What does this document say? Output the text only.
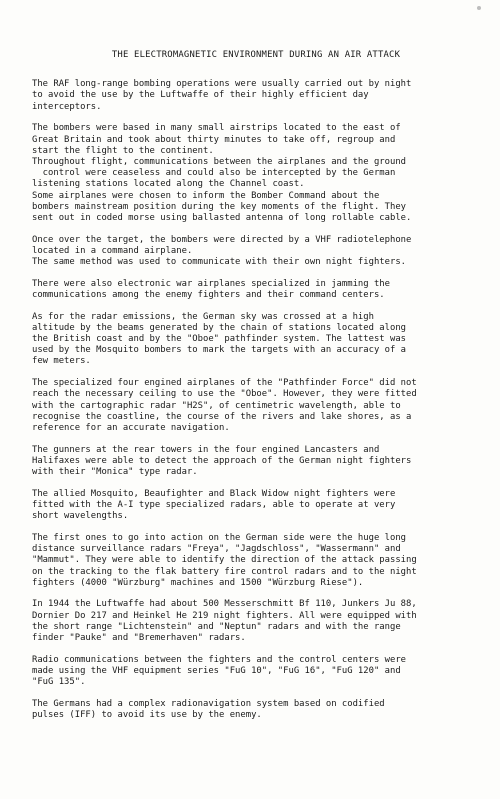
THE ELECTROMAGNETIC ENVIRONMENT DURING AN AIR ATTACK
The RAF long-range bombing operations were usually carried out by night
to avoid the use by the Luftwaffe of their highly efficient day
interceptors.
The bombers were based in many small airstrips located to the east of
Great Britain and took about thirty minutes to take off, regroup and
start the flight to the continent.
Throughout flight, communications between the airplanes and the ground
control were ceaseless and could also be intercepted by the German
listening stations located along the Channel coast.
Some airplanes were chosen to inform the Bomber Command about the
bombers mainstream position during the key moments of the flight. They
sent out in coded morse using ballasted antenna of long rollable cable.
Once over the target, the bombers were directed by a VHF radiotelephone
located in a command airplane.
The same method was used to communicate with their own night fighters.
There were also electronic war airplanes specialized in jamming the
communications among the enemy fighters and their command centers.
As for the radar emissions, the German sky was crossed at a high
altitude by the beams generated by the chain of stations located along
the British coast and by the "Oboe" pathfinder system. The lattest was
used by the Mosquito bombers to mark the targets with an accuracy of a
few meters.
The specialized four engined airplanes of the "Pathfinder Force" did not
reach the necessary ceiling to use the "Oboe". However, they were fitted
with the cartographic radar "H2S", of centimetric wavelength, able to
recognise the coastline, the course of the rivers and lake shores, as a
reference for an accurate navigation.
The gunners at the rear towers in the four engined Lancasters and
Halifaxes were able to detect the approach of the German night fighters
with their "Monica" type radar.
The allied Mosquito, Beaufighter and Black Widow night fighters were
fitted with the A-I type specialized radars, able to operate at very
short wavelengths.
The first ones to go into action on the German side were the huge long
distance surveillance radars "Freya", "Jagdschloss", "Wassermann" and
"Mammut". They were able to identify the direction of the attack passing
on the tracking to the flak battery fire control radars and to the night
fighters (4000 "Würzburg" machines and 1500 "Würzburg Riese").
In 1944 the Luftwaffe had about 500 Messerschmitt Bf 110, Junkers Ju 88,
Dornier Do 217 and Heinkel He 219 night fighters. All were equipped with
the short range "Lichtenstein" and "Neptun" radars and with the range
finder "Pauke" and "Bremerhaven" radars.
Radio communications between the fighters and the control centers were
made using the VHF equipment series "FuG 10", "FuG 16", "FuG 120" and
"FuG 135".
The Germans had a complex radionavigation system based on codified
pulses (IFF) to avoid its use by the enemy.
